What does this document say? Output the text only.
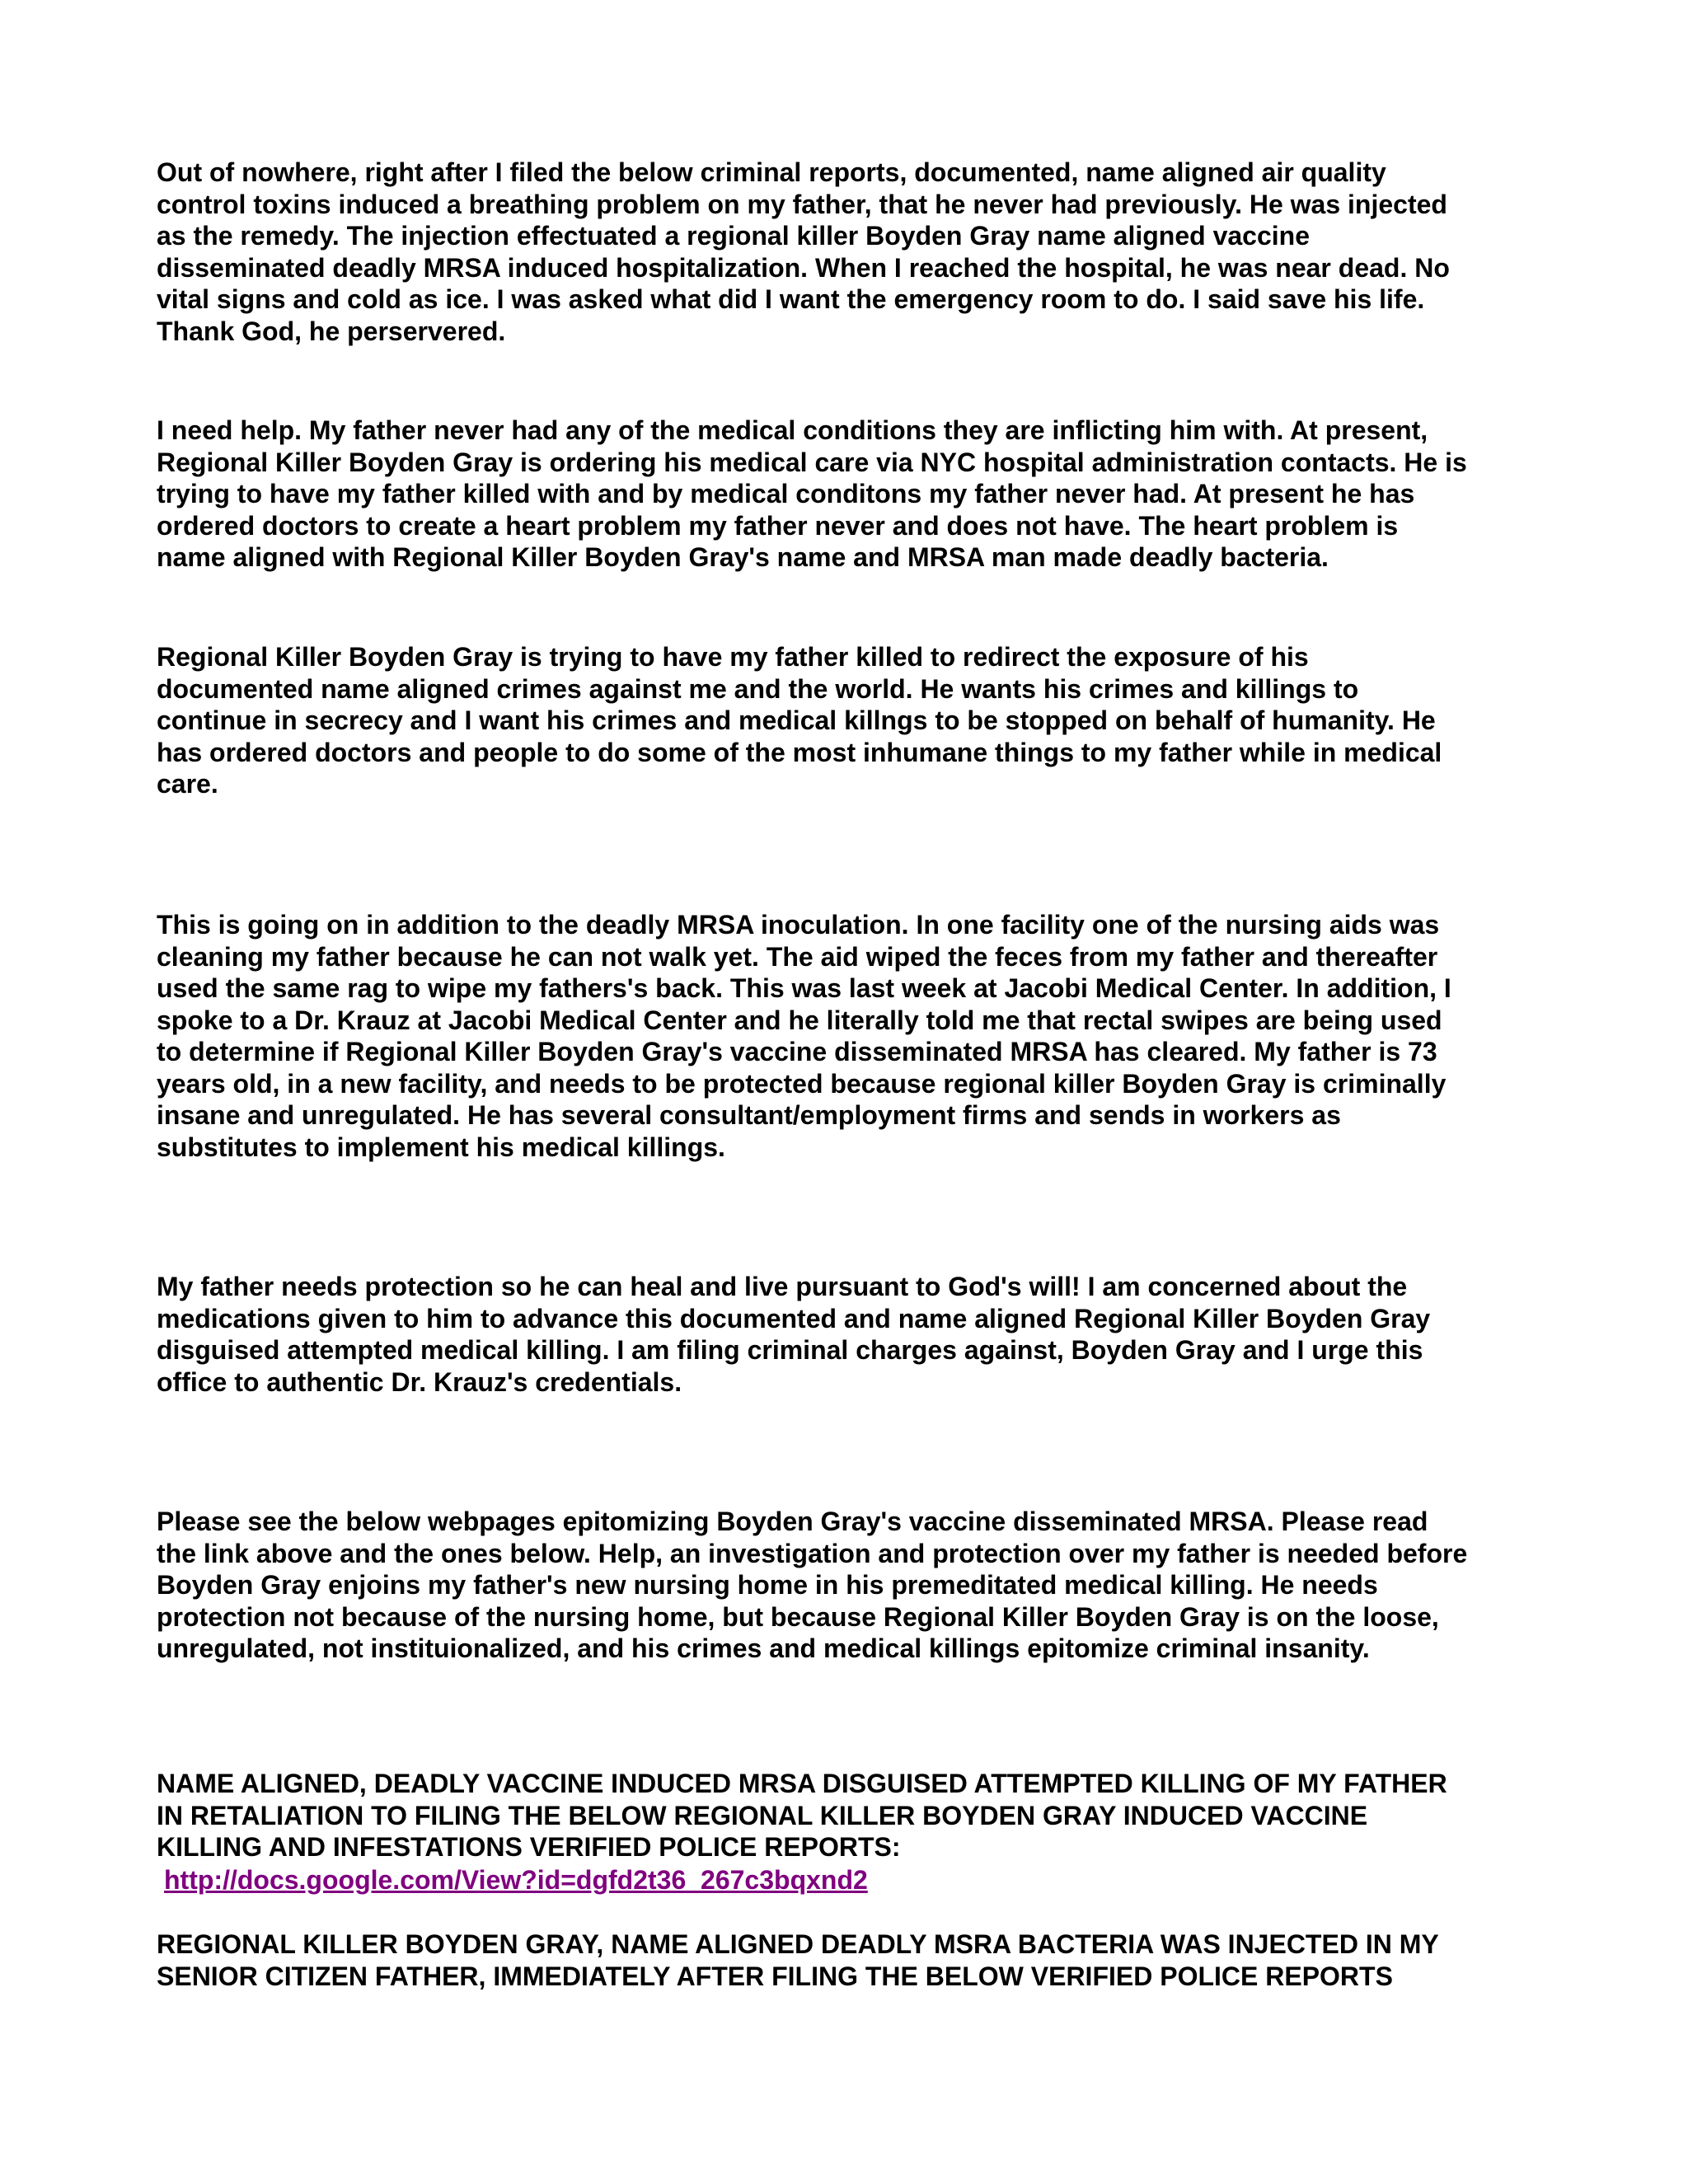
Out of nowhere, right after I filed the below criminal reports, documented, name aligned air quality
control toxins induced a breathing problem on my father, that he never had previously. He was injected
as the remedy. The injection effectuated a regional killer Boyden Gray name aligned vaccine
disseminated deadly MRSA induced hospitalization. When I reached the hospital, he was near dead. No
vital signs and cold as ice. I was asked what did I want the emergency room to do. I said save his life.
Thank God, he perservered.

I need help. My father never had any of the medical conditions they are inflicting him with. At present,
Regional Killer Boyden Gray is ordering his medical care via NYC hospital administration contacts. He is
trying to have my father killed with and by medical conditons my father never had. At present he has
ordered doctors to create a heart problem my father never and does not have. The heart problem is
name aligned with Regional Killer Boyden Gray's name and MRSA man made deadly bacteria.

Regional Killer Boyden Gray is trying to have my father killed to redirect the exposure of his
documented name aligned crimes against me and the world. He wants his crimes and killings to
continue in secrecy and I want his crimes and medical killngs to be stopped on behalf of humanity. He
has ordered doctors and people to do some of the most inhumane things to my father while in medical
care.

This is going on in addition to the deadly MRSA inoculation. In one facility one of the nursing aids was
cleaning my father because he can not walk yet. The aid wiped the feces from my father and thereafter
used the same rag to wipe my fathers's back. This was last week at Jacobi Medical Center. In addition, I
spoke to a Dr. Krauz at Jacobi Medical Center and he literally told me that rectal swipes are being used
to determine if Regional Killer Boyden Gray's vaccine disseminated MRSA has cleared. My father is 73
years old, in a new facility, and needs to be protected because regional killer Boyden Gray is criminally
insane and unregulated. He has several consultant/employment firms and sends in workers as
substitutes to implement his medical killings.

My father needs protection so he can heal and live pursuant to God's will! I am concerned about the
medications given to him to advance this documented and name aligned Regional Killer Boyden Gray
disguised attempted medical killing. I am filing criminal charges against, Boyden Gray and I urge this
office to authentic Dr. Krauz's credentials.

Please see the below webpages epitomizing Boyden Gray's vaccine disseminated MRSA. Please read
the link above and the ones below. Help, an investigation and protection over my father is needed before
Boyden Gray enjoins my father's new nursing home in his premeditated medical killing. He needs
protection not because of the nursing home, but because Regional Killer Boyden Gray is on the loose,
unregulated, not instituionalized, and his crimes and medical killings epitomize criminal insanity.

NAME ALIGNED, DEADLY VACCINE INDUCED MRSA DISGUISED ATTEMPTED KILLING OF MY FATHER
IN RETALIATION TO FILING THE BELOW REGIONAL KILLER BOYDEN GRAY INDUCED VACCINE
KILLING AND INFESTATIONS VERIFIED POLICE REPORTS:

http://docs.google.com/View?id=dgfd2t36_267c3bqxnd2

REGIONAL KILLER BOYDEN GRAY, NAME ALIGNED DEADLY MSRA BACTERIA WAS INJECTED IN MY
SENIOR CITIZEN FATHER, IMMEDIATELY AFTER FILING THE BELOW VERIFIED POLICE REPORTS
